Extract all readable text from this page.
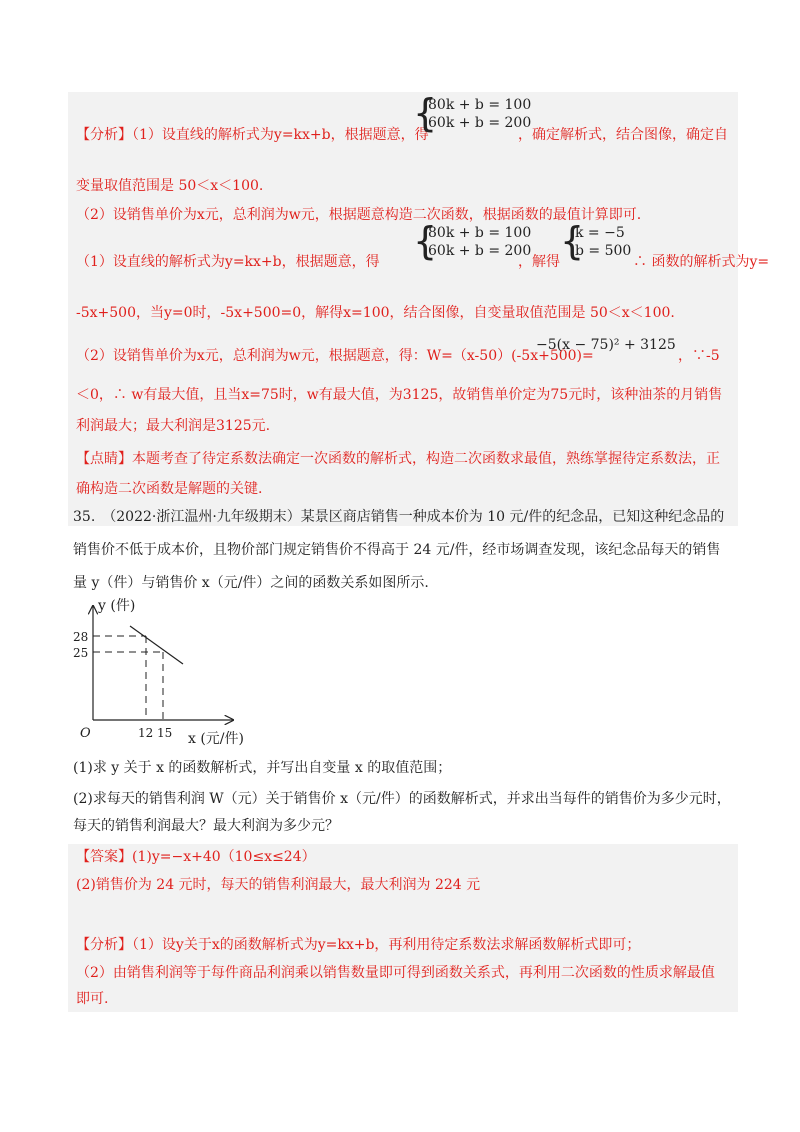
【分析】（1）设直线的解析式为y=kx+b，根据题意，得
{
80k + b = 100
60k + b = 200
，确定解析式，结合图像，确定自
变量取值范围是 50＜x＜100.
（2）设销售单价为x元，总利润为w元，根据题意构造二次函数，根据函数的最值计算即可.
（1）设直线的解析式为y=kx+b，根据题意，得 {
80k + b = 100
60k + b = 200
，解得 {
k = −5
b = 500
∴ 函数的解析式为y=
-5x+500，当y=0时，-5x+500=0，解得x=100，结合图像，自变量取值范围是 50＜x＜100.
（2）设销售单价为x元，总利润为w元，根据题意，得：W=（x-50）(-5x+500)=
−5(x − 75)² + 3125
，∵-5
＜0，∴ w有最大值，且当x=75时，w有最大值，为3125，故销售单价定为75元时，该种油茶的月销售
利润最大；最大利润是3125元.
【点睛】本题考查了待定系数法确定一次函数的解析式，构造二次函数求最值，熟练掌握待定系数法，正
确构造二次函数是解题的关键.
35.　（2022·浙江温州·九年级期末）某景区商店销售一种成本价为 10 元/件的纪念品，已知这种纪念品的
销售价不低于成本价，且物价部门规定销售价不得高于 24 元/件，经市场调查发现，该纪念品每天的销售
量 y（件）与销售价 x（元/件）之间的函数关系如图所示.
y (件)
x (元/件)
O
28
25
12 15
(1)求 y 关于 x 的函数解析式，并写出自变量 x 的取值范围；
(2)求每天的销售利润 W（元）关于销售价 x（元/件）的函数解析式，并求出当每件的销售价为多少元时，
每天的销售利润最大？最大利润为多少元？
【答案】(1)y=−x+40（10≤x≤24）
(2)销售价为 24 元时，每天的销售利润最大，最大利润为 224 元
【分析】（1）设y关于x的函数解析式为y=kx+b，再利用待定系数法求解函数解析式即可；
（2）由销售利润等于每件商品利润乘以销售数量即可得到函数关系式，再利用二次函数的性质求解最值
即可.
